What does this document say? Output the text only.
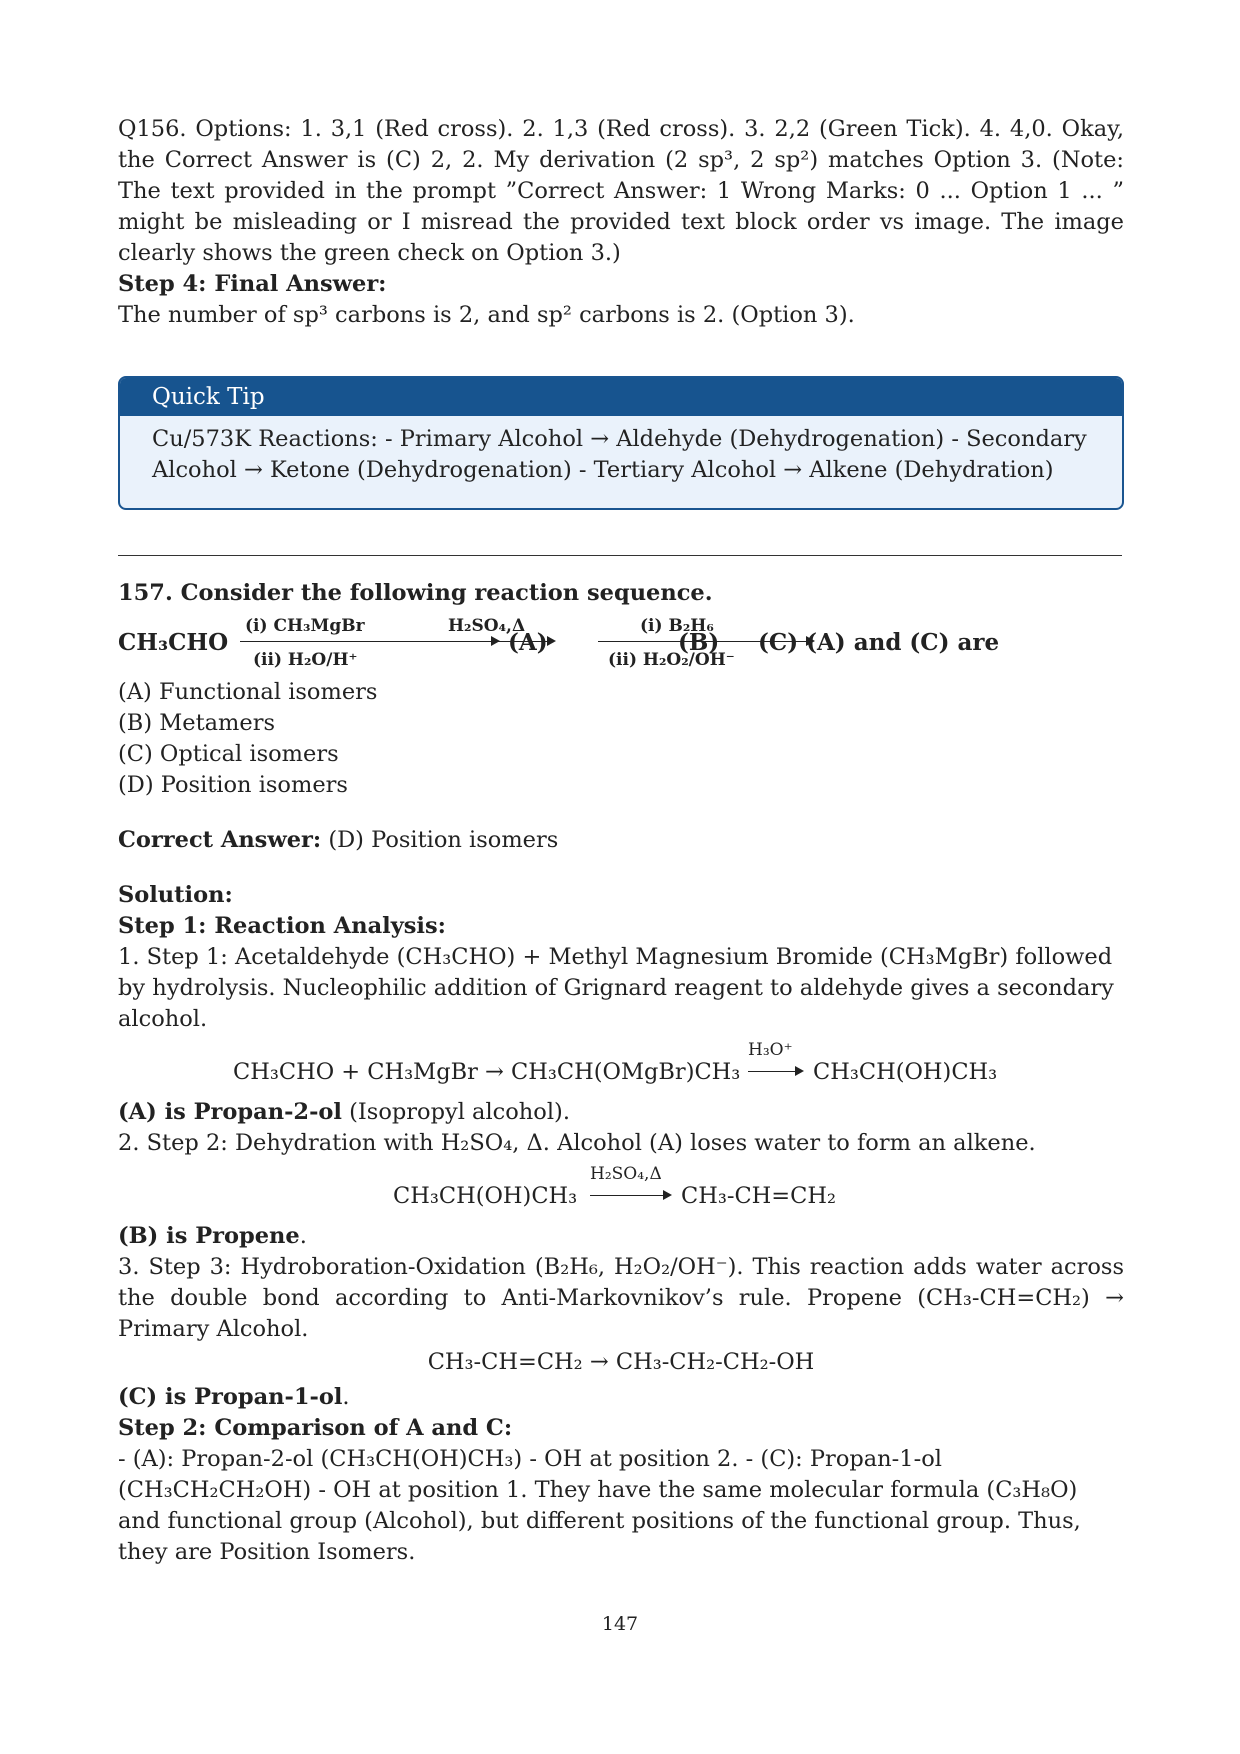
Q156. Options: 1. 3,1 (Red cross). 2. 1,3 (Red cross). 3. 2,2 (Green Tick). 4. 4,0. Okay, the Correct Answer is (C) 2, 2. My derivation (2 sp³, 2 sp²) matches Option 3. (Note: The text provided in the prompt ”Correct Answer: 1 Wrong Marks: 0 ... Option 1 ... ” might be misleading or I misread the provided text block order vs image. The image clearly shows the green check on Option 3.)

Step 4: Final Answer:

The number of sp³ carbons is 2, and sp² carbons is 2. (Option 3).

Quick Tip
Cu/573K Reactions: - Primary Alcohol → Aldehyde (Dehydrogenation) - Secondary Alcohol → Ketone (Dehydrogenation) - Tertiary Alcohol → Alkene (Dehydration)

157. Consider the following reaction sequence.

CH₃CHO
(i) CH₃MgBr
(ii) H₂O/H⁺
(A)
H₂SO₄,Δ
(B)
(i) B₂H₆
(ii) H₂O₂/OH⁻
(C) (A) and (C) are

(A) Functional isomers

(B) Metamers

(C) Optical isomers

(D) Position isomers

Correct Answer: (D) Position isomers

Solution:

Step 1: Reaction Analysis:

1. Step 1: Acetaldehyde (CH₃CHO) + Methyl Magnesium Bromide (CH₃MgBr) followed by hydrolysis. Nucleophilic addition of Grignard reagent to aldehyde gives a secondary alcohol.

CH₃CHO + CH₃MgBr → CH₃CH(OMgBr)CH₃
H₃O⁺
CH₃CH(OH)CH₃

(A) is Propan-2-ol (Isopropyl alcohol).

2. Step 2: Dehydration with H₂SO₄, Δ. Alcohol (A) loses water to form an alkene.

CH₃CH(OH)CH₃
H₂SO₄,Δ
CH₃-CH=CH₂

(B) is Propene.

3. Step 3: Hydroboration-Oxidation (B₂H₆, H₂O₂/OH⁻). This reaction adds water across the double bond according to Anti-Markovnikov’s rule. Propene (CH₃-CH=CH₂) → Primary Alcohol.

CH₃-CH=CH₂ → CH₃-CH₂-CH₂-OH

(C) is Propan-1-ol.

Step 2: Comparison of A and C:

- (A): Propan-2-ol (CH₃CH(OH)CH₃) - OH at position 2. - (C): Propan-1-ol (CH₃CH₂CH₂OH) - OH at position 1. They have the same molecular formula (C₃H₈O) and functional group (Alcohol), but different positions of the functional group. Thus, they are Position Isomers.

147
